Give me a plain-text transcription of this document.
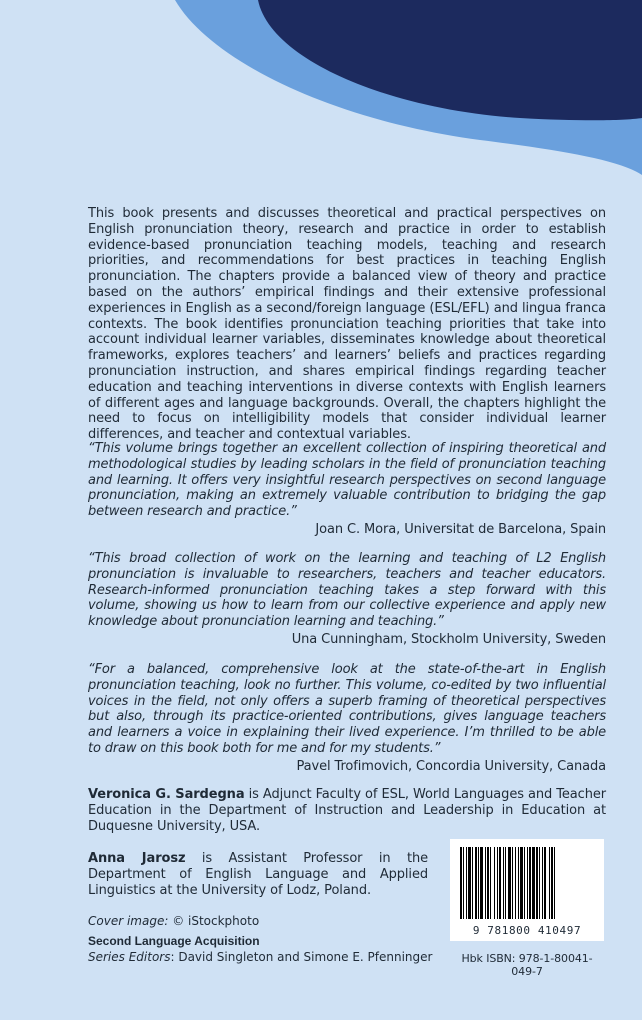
This book presents and discusses theoretical and practical perspectives on English pronunciation theory, research and practice in order to establish evidence-based pronunciation teaching models, teaching and research priorities, and recommendations for best practices in teaching English pronunciation. The chapters provide a balanced view of theory and practice based on the authors’ empirical findings and their extensive professional experiences in English as a second/foreign language (ESL/EFL) and lingua franca contexts. The book identifies pronunciation teaching priorities that take into account individual learner variables, disseminates knowledge about theoretical frameworks, explores teachers’ and learners’ beliefs and practices regarding pronunciation instruction, and shares empirical findings regarding teacher education and teaching interventions in diverse contexts with English learners of different ages and language backgrounds. Overall, the chapters highlight the need to focus on intelligibility models that consider individual learner differences, and teacher and contextual variables.

“This volume brings together an excellent collection of inspiring theoretical and methodological studies by leading scholars in the field of pronunciation teaching and learning. It offers very insightful research perspectives on second language pronunciation, making an extremely valuable contribution to bridging the gap between research and practice.”

Joan C. Mora, Universitat de Barcelona, Spain

“This broad collection of work on the learning and teaching of L2 English pronunciation is invaluable to researchers, teachers and teacher educators. Research-informed pronunciation teaching takes a step forward with this volume, showing us how to learn from our collective experience and apply new knowledge about pronunciation learning and teaching.”

Una Cunningham, Stockholm University, Sweden

“For a balanced, comprehensive look at the state-of-the-art in English pronunciation teaching, look no further. This volume, co-edited by two influential voices in the field, not only offers a superb framing of theoretical perspectives but also, through its practice-oriented contributions, gives language teachers and learners a voice in explaining their lived experience. I’m thrilled to be able to draw on this book both for me and for my students.”

Pavel Trofimovich, Concordia University, Canada

Veronica G. Sardegna is Adjunct Faculty of ESL, World Languages and Teacher Education in the Department of Instruction and Leadership in Education at Duquesne University, USA.

Anna Jarosz is Assistant Professor in the Department of English Language and Applied Linguistics at the University of Lodz, Poland.

Cover image: © iStockphoto
Second Language Acquisition
Series Editors: David Singleton and Simone E. Pfenninger
9 781800 410497
Hbk ISBN: 978-1-80041-049-7
